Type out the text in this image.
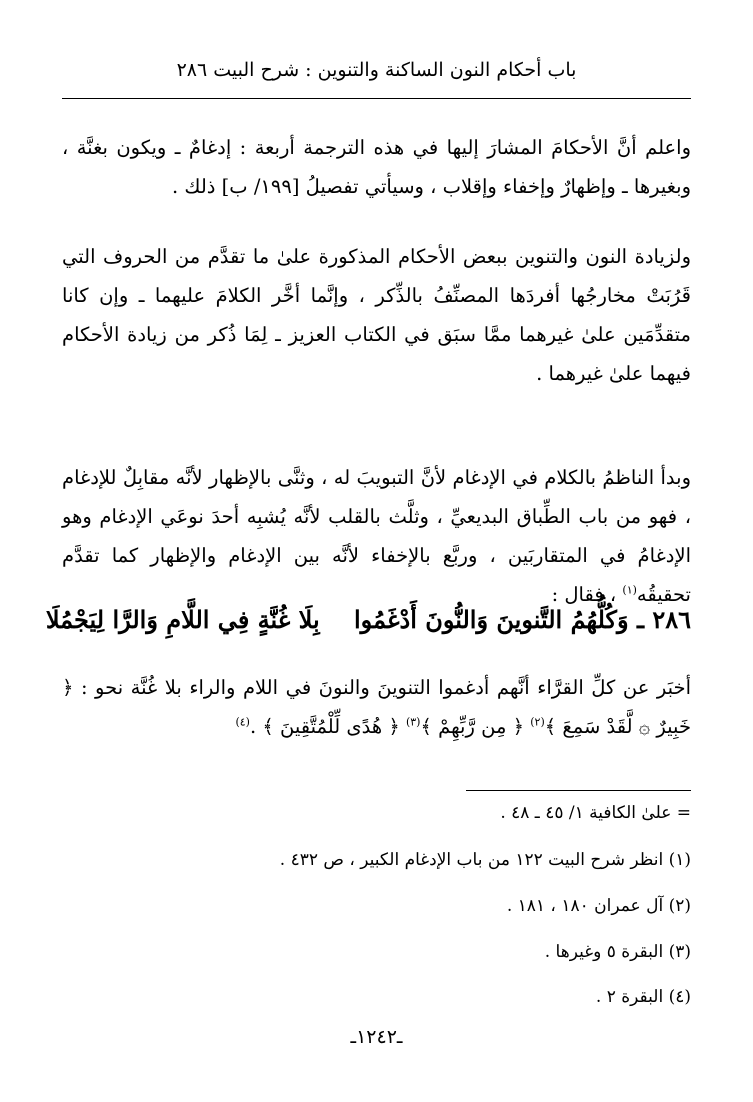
باب أحكام النون الساكنة والتنوين : شرح البيت ٢٨٦

واعلم أنَّ الأحكامَ المشارَ إليها في هذه الترجمة أربعة : إدغامٌ ـ ويكون بغنَّة ، وبغيرها ـ وإظهارٌ وإخفاء وإقلاب ، وسيأتي تفصيلُ [١٩٩/ ب] ذلك .

ولزيادة النون والتنوين ببعض الأحكام المذكورة علىٰ ما تقدَّم من الحروف التي قَرُبَتْ مخارجُها أفردَها المصنِّفُ بالذِّكر ، وإنَّما أخَّر الكلامَ عليهما ـ وإن كانا متقدِّمَين علىٰ غيرهما ممَّا سبَق في الكتاب العزيز ـ لِمَا ذُكر من زيادة الأحكام فيهما علىٰ غيرهما .

وبدأ الناظمُ بالكلام في الإدغام لأنَّ التبويبَ له ، وثنَّى بالإظهار لأنَّه مقابِلٌ للإدغام ، فهو من باب الطِّباق البديعيِّ ، وثلَّث بالقلب لأنَّه يُشبِه أحدَ نوعَي الإدغام وهو الإدغامُ في المتقاربَين ، وربَّع بالإخفاء لأنَّه بين الإدغام والإظهار كما تقدَّم تحقيقُه$^{(١)}$ ، فقال :

٢٨٦ ـ وَكُلُّهُمُ التَّنوينَ وَالنُّونَ أَدْغَمُوا بِلَا غُنَّةٍ فِي اللَّامِ وَالرَّا لِيَجْمُلَا

أخبَر عن كلِّ القرَّاء أنَّهم أدغموا التنوينَ والنونَ في اللام والراء بلا غُنَّة نحو : ﴿ خَبِيرٌ ۞ لَّقَدْ سَمِعَ ﴾$^{(٢)}$ ﴿ مِن رَّبِّهِمْ ﴾$^{(٣)}$ ﴿ هُدًى لِّلْمُتَّقِينَ ﴾ .$^{(٤)}$

= علىٰ الكافية ١/ ٤٥ ـ ٤٨ .
(١) انظر شرح البيت ١٢٢ من باب الإدغام الكبير ، ص ٤٣٢ .
(٢) آل عمران ١٨٠ ، ١٨١ .
(٣) البقرة ٥ وغيرها .
(٤) البقرة ٢ .
ـ١٢٤٢ـ
